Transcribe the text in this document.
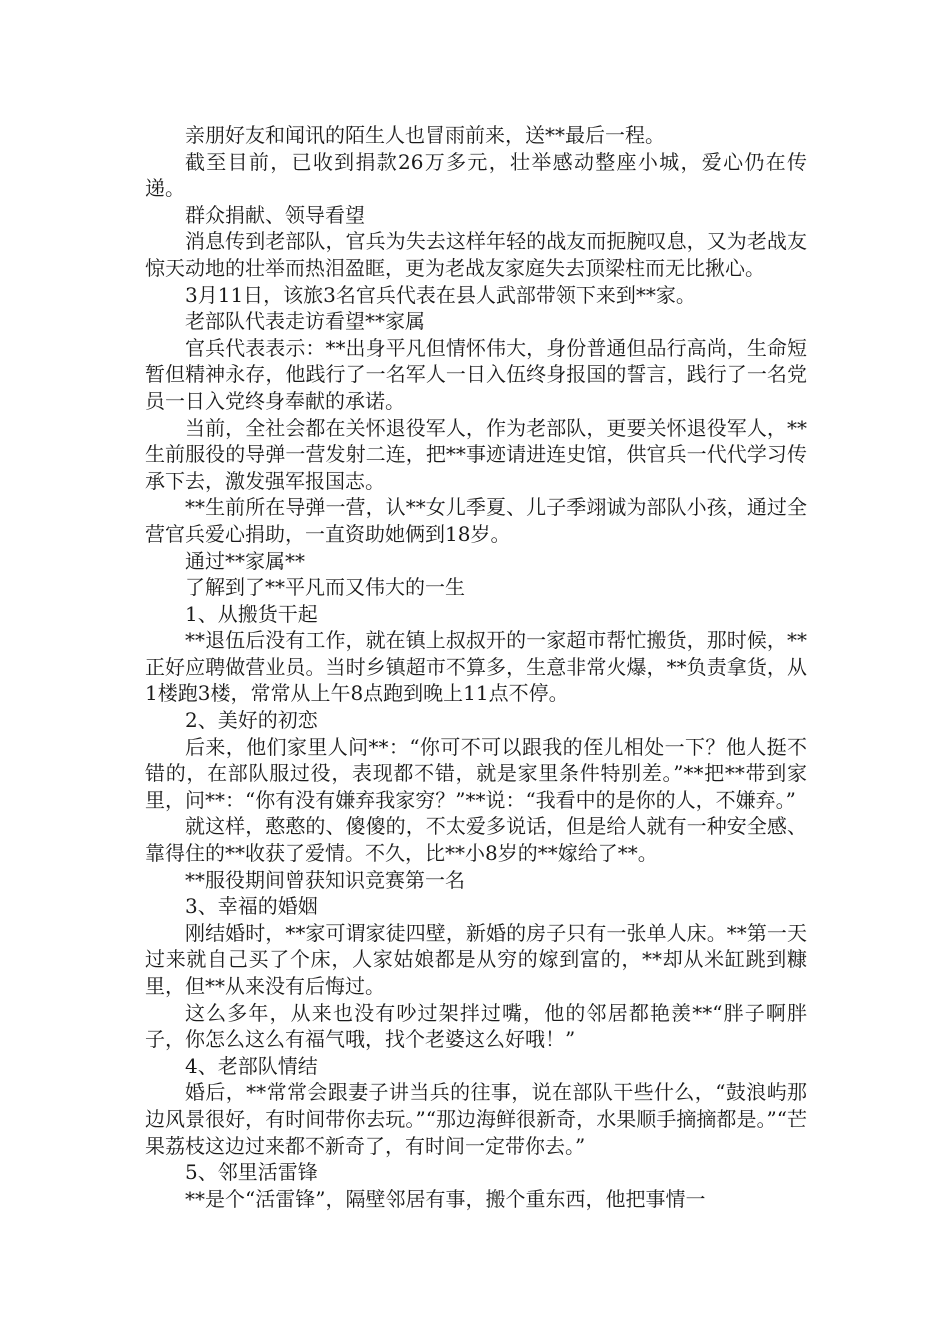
亲朋好友和闻讯的陌生人也冒雨前来，送**最后一程。

截至目前，已收到捐款26万多元，壮举感动整座小城，爱心仍在传递。

群众捐献、领导看望

消息传到老部队，官兵为失去这样年轻的战友而扼腕叹息，又为老战友惊天动地的壮举而热泪盈眶，更为老战友家庭失去顶梁柱而无比揪心。

3月11日，该旅3名官兵代表在县人武部带领下来到**家。

老部队代表走访看望**家属

官兵代表表示：**出身平凡但情怀伟大，身份普通但品行高尚，生命短暂但精神永存，他践行了一名军人一日入伍终身报国的誓言，践行了一名党员一日入党终身奉献的承诺。

当前，全社会都在关怀退役军人，作为老部队，更要关怀退役军人，**生前服役的导弹一营发射二连，把**事迹请进连史馆，供官兵一代代学习传承下去，激发强军报国志。

**生前所在导弹一营，认**女儿季夏、儿子季翊诚为部队小孩，通过全营官兵爱心捐助，一直资助她俩到18岁。

通过**家属**

了解到了**平凡而又伟大的一生

1、从搬货干起

**退伍后没有工作，就在镇上叔叔开的一家超市帮忙搬货，那时候，**正好应聘做营业员。当时乡镇超市不算多，生意非常火爆，**负责拿货，从1楼跑3楼，常常从上午8点跑到晚上11点不停。

2、美好的初恋

后来，他们家里人问**：“你可不可以跟我的侄儿相处一下？他人挺不错的，在部队服过役，表现都不错，就是家里条件特别差。”**把**带到家里，问**：“你有没有嫌弃我家穷？”**说：“我看中的是你的人，不嫌弃。”

就这样，憨憨的、傻傻的，不太爱多说话，但是给人就有一种安全感、靠得住的**收获了爱情。不久，比**小8岁的**嫁给了**。

**服役期间曾获知识竞赛第一名

3、幸福的婚姻

刚结婚时，**家可谓家徒四壁，新婚的房子只有一张单人床。**第一天过来就自己买了个床，人家姑娘都是从穷的嫁到富的，**却从米缸跳到糠里，但**从来没有后悔过。

这么多年，从来也没有吵过架拌过嘴，他的邻居都艳羡**“胖子啊胖子，你怎么这么有福气哦，找个老婆这么好哦！”

4、老部队情结

婚后，**常常会跟妻子讲当兵的往事，说在部队干些什么，“鼓浪屿那边风景很好，有时间带你去玩。”“那边海鲜很新奇，水果顺手摘摘都是。”“芒果荔枝这边过来都不新奇了，有时间一定带你去。”

5、邻里活雷锋

**是个“活雷锋”，隔壁邻居有事，搬个重东西，他把事情一
